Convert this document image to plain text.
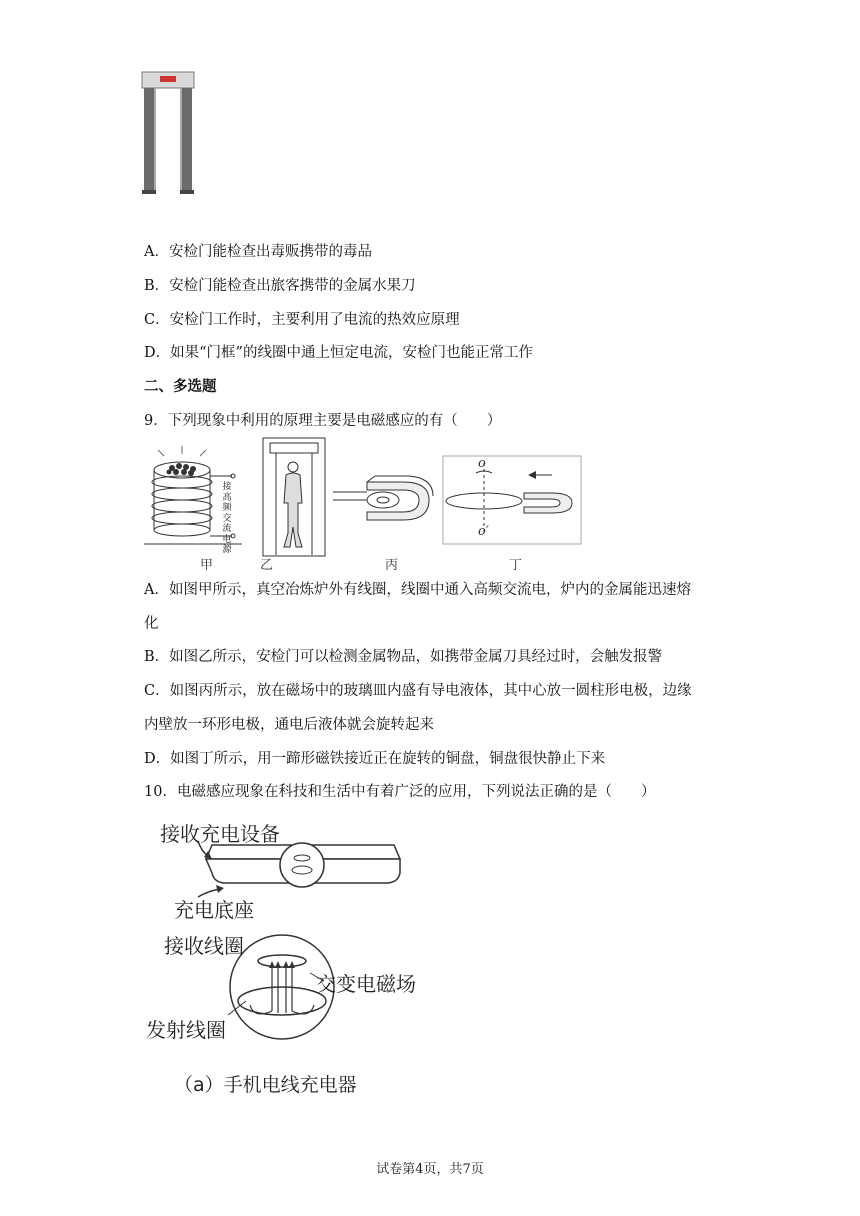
A．安检门能检查出毒贩携带的毒品
B．安检门能检查出旅客携带的金属水果刀
C．安检门工作时，主要利用了电流的热效应原理
D．如果“门框”的线圈中通上恒定电流，安检门也能正常工作
二、多选题
9．下列现象中利用的原理主要是电磁感应的有（　　）
接
高
频
交
流
电
源
o
o′
甲	乙	丙	丁
A．如图甲所示，真空冶炼炉外有线圈，线圈中通入高频交流电，炉内的金属能迅速熔
化
B．如图乙所示，安检门可以检测金属物品，如携带金属刀具经过时，会触发报警
C．如图丙所示，放在磁场中的玻璃皿内盛有导电液体，其中心放一圆柱形电极，边缘
内壁放一环形电极，通电后液体就会旋转起来
D．如图丁所示，用一蹄形磁铁接近正在旋转的铜盘，铜盘很快静止下来
10．电磁感应现象在科技和生活中有着广泛的应用，下列说法正确的是（　　）
接收充电设备
充电底座
接收线圈
交变电磁场
发射线圈
（a）手机电线充电器
试卷第4页，共7页
